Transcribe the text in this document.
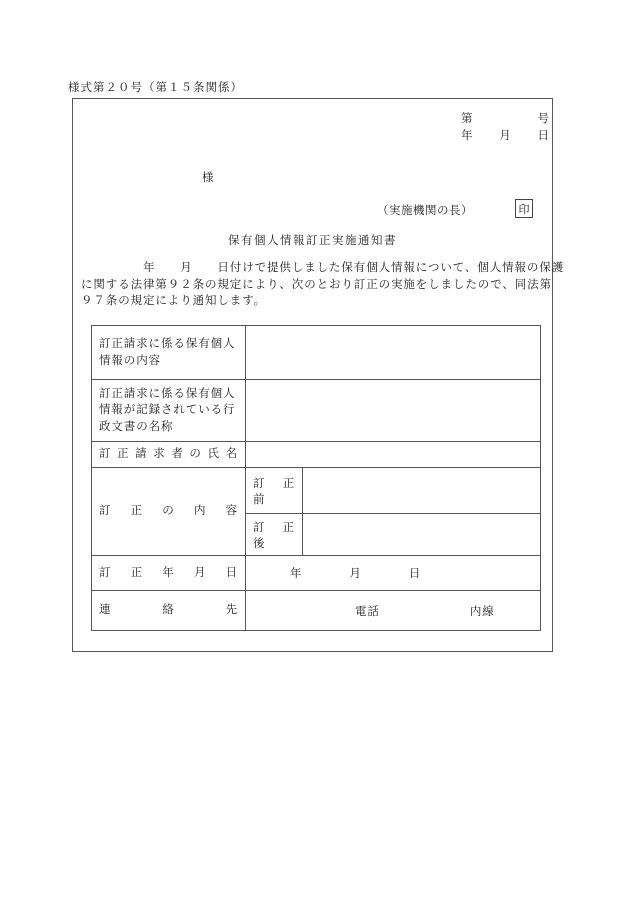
様式第２０号（第１５条関係）
第	号
年 月 日
様
（実施機関の長）	印
保有個人情報訂正実施通知書
　　　　　年　　月　　日付けで提供しました保有個人情報について、個人情報の保護
に関する法律第９２条の規定により、次のとおり訂正の実施をしましたので、同法第
９７条の規定により通知します。
訂正請求に係る保有個人情報の内容		
訂正請求に係る保有個人情報が記録されている行政文書の名称		
訂 正 請 求 者 の 氏 名		
訂 正 の 内 容	訂 正 前	
	訂 正 後	
訂 正 年 月 日	年 月 日	

連 絡 先	電話 内線	
